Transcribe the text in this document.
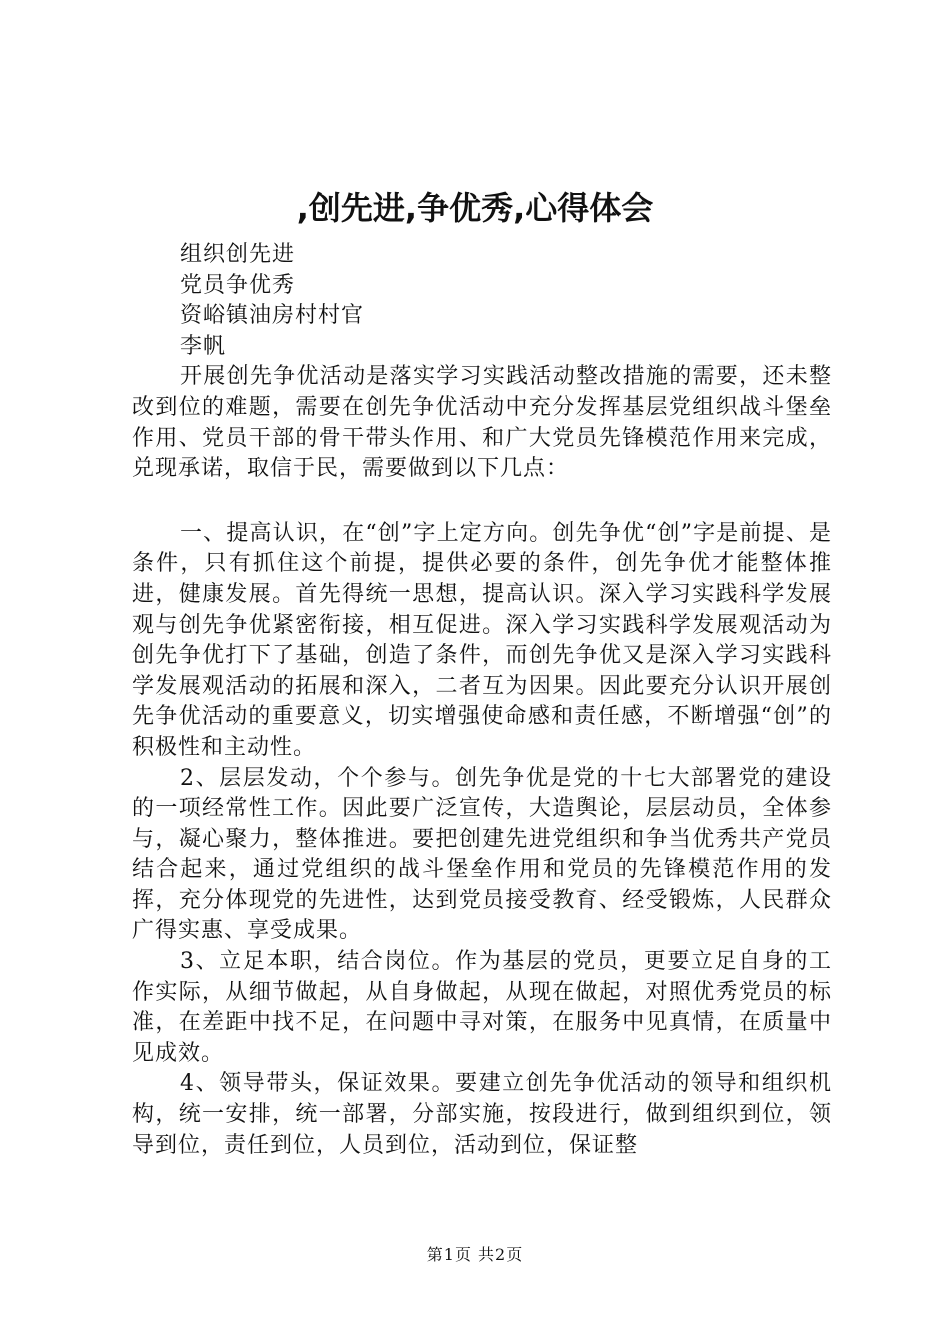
,创先进,争优秀,心得体会

组织创先进

党员争优秀

资峪镇油房村村官

李帆

开展创先争优活动是落实学习实践活动整改措施的需要，还未整改到位的难题，需要在创先争优活动中充分发挥基层党组织战斗堡垒作用、党员干部的骨干带头作用、和广大党员先锋模范作用来完成，兑现承诺，取信于民，需要做到以下几点：

一、提高认识，在“创”字上定方向。创先争优“创”字是前提、是条件，只有抓住这个前提，提供必要的条件，创先争优才能整体推进，健康发展。首先得统一思想，提高认识。深入学习实践科学发展观与创先争优紧密衔接，相互促进。深入学习实践科学发展观活动为创先争优打下了基础，创造了条件，而创先争优又是深入学习实践科学发展观活动的拓展和深入，二者互为因果。因此要充分认识开展创先争优活动的重要意义，切实增强使命感和责任感，不断增强“创”的积极性和主动性。

2、层层发动，个个参与。创先争优是党的十七大部署党的建设的一项经常性工作。因此要广泛宣传，大造舆论，层层动员，全体参与，凝心聚力，整体推进。要把创建先进党组织和争当优秀共产党员结合起来，通过党组织的战斗堡垒作用和党员的先锋模范作用的发挥，充分体现党的先进性，达到党员接受教育、经受锻炼，人民群众广得实惠、享受成果。

3、立足本职，结合岗位。作为基层的党员，更要立足自身的工作实际，从细节做起，从自身做起，从现在做起，对照优秀党员的标准，在差距中找不足，在问题中寻对策，在服务中见真情，在质量中见成效。

4、领导带头，保证效果。要建立创先争优活动的领导和组织机构，统一安排，统一部署，分部实施，按段进行，做到组织到位，领导到位，责任到位，人员到位，活动到位，保证整

第1页 共2页
